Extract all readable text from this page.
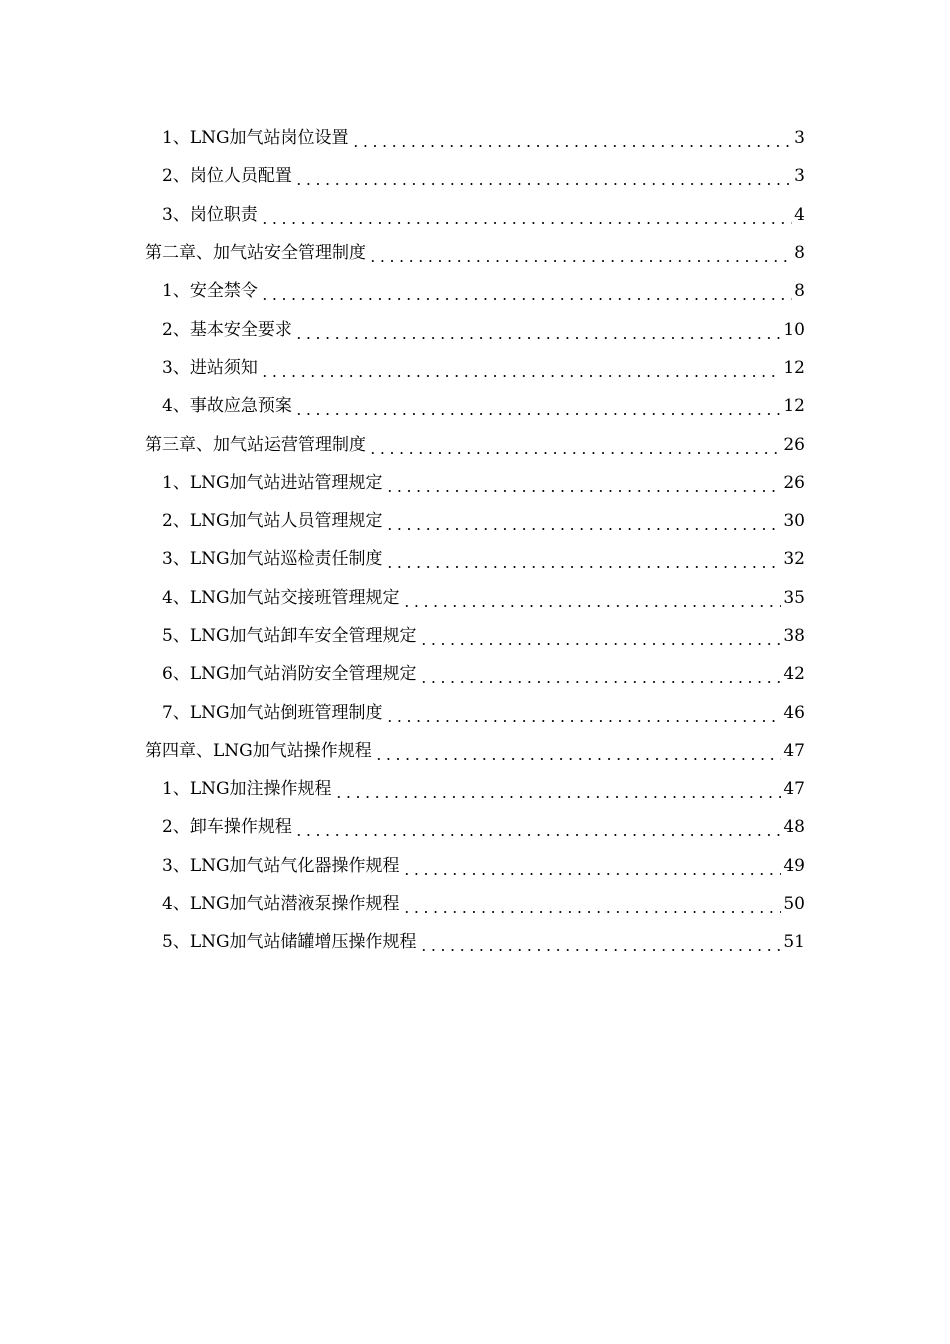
1、LNG加气站岗位设置	3
2、岗位人员配置	3
3、岗位职责	4
第二章、加气站安全管理制度	8
1、安全禁令	8
2、基本安全要求	10
3、进站须知	12
4、事故应急预案	12
第三章、加气站运营管理制度	26
1、LNG加气站进站管理规定	26
2、LNG加气站人员管理规定	30
3、LNG加气站巡检责任制度	32
4、LNG加气站交接班管理规定	35
5、LNG加气站卸车安全管理规定	38
6、LNG加气站消防安全管理规定	42
7、LNG加气站倒班管理制度	46
第四章、LNG加气站操作规程	47
1、LNG加注操作规程	47
2、卸车操作规程	48
3、LNG加气站气化器操作规程	49
4、LNG加气站潜液泵操作规程	50
5、LNG加气站储罐增压操作规程	51
